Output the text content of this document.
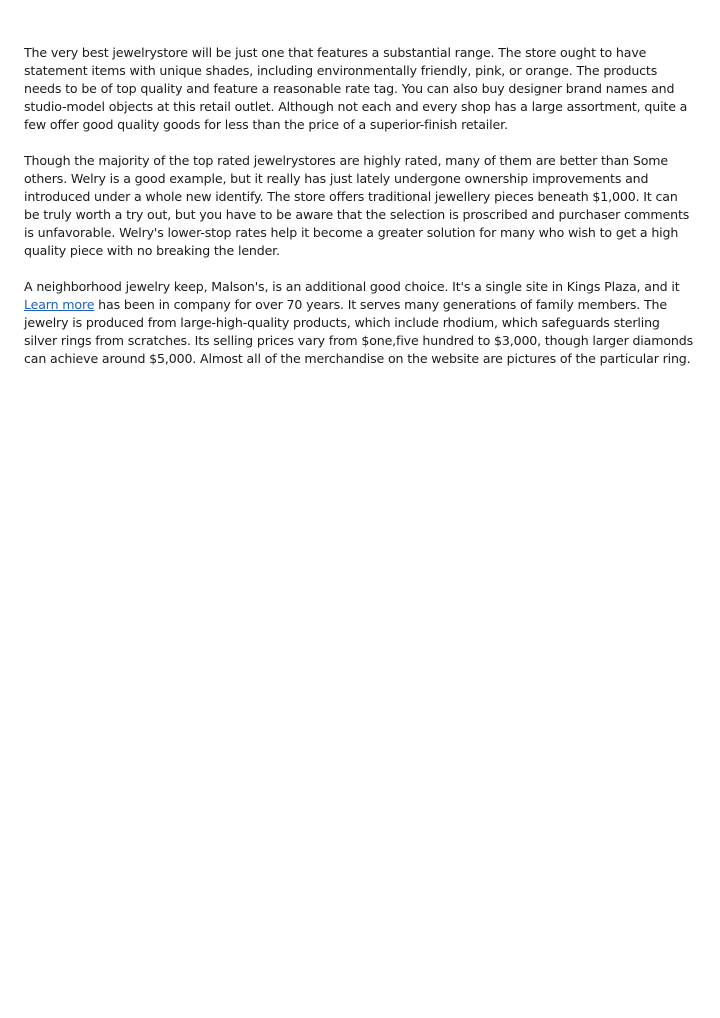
The very best jewelrystore will be just one that features a substantial range. The store ought to have statement items with unique shades, including environmentally friendly, pink, or orange. The products needs to be of top quality and feature a reasonable rate tag. You can also buy designer brand names and studio-model objects at this retail outlet. Although not each and every shop has a large assortment, quite a few offer good quality goods for less than the price of a superior-finish retailer.

Though the majority of the top rated jewelrystores are highly rated, many of them are better than Some others. Welry is a good example, but it really has just lately undergone ownership improvements and introduced under a whole new identify. The store offers traditional jewellery pieces beneath $1,000. It can be truly worth a try out, but you have to be aware that the selection is proscribed and purchaser comments is unfavorable. Welry's lower-stop rates help it become a greater solution for many who wish to get a high quality piece with no breaking the lender.

A neighborhood jewelry keep, Malson's, is an additional good choice. It's a single site in Kings Plaza, and it Learn more has been in company for over 70 years. It serves many generations of family members. The jewelry is produced from large-high-quality products, which include rhodium, which safeguards sterling silver rings from scratches. Its selling prices vary from $one,five hundred to $3,000, though larger diamonds can achieve around $5,000. Almost all of the merchandise on the website are pictures of the particular ring.
